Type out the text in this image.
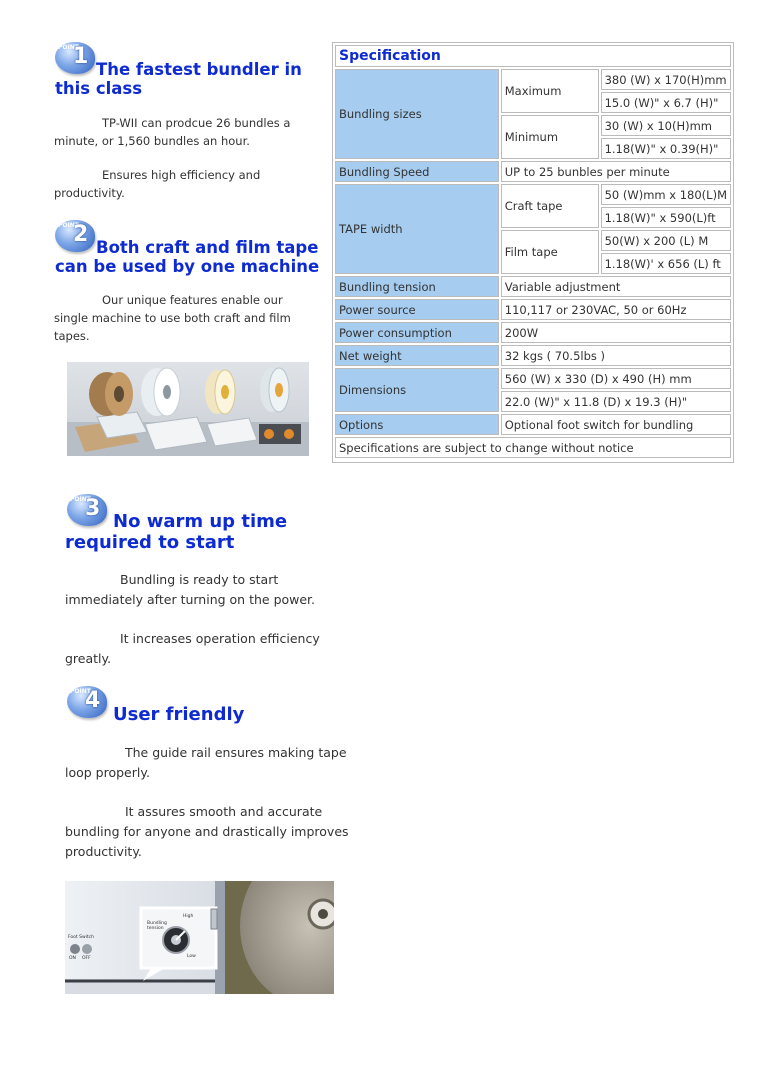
POINT
1
The fastest bundler in
this class
TP-WII can prodcue 26 bundles a
minute, or 1,560 bundles an hour.
Ensures high efficiency and
productivity.
POINT
2
Both craft and film tape
can be used by one machine
Our unique features enable our
single machine to use both craft and film
tapes.
Specification		
Bundling sizes	Maximum	380 (W) x 170(H)mm
		15.0 (W)" x 6.7 (H)"
	Minimum	30 (W) x 10(H)mm
		1.18(W)" x 0.39(H)"
Bundling Speed	UP to 25 bunbles per minute	
TAPE width	Craft tape	50 (W)mm x 180(L)M
		1.18(W)" x 590(L)ft
	Film tape	50(W) x 200 (L) M
		1.18(W)' x 656 (L) ft
Bundling tension	Variable adjustment	
Power source	110,117 or 230VAC, 50 or 60Hz	
Power consumption	200W	
Net weight	32 kgs ( 70.5lbs )	
Dimensions	560 (W) x 330 (D) x 490 (H) mm	
	22.0 (W)" x 11.8 (D) x 19.3 (H)"	
Options	Optional foot switch for bundling	
Specifications are subject to change without notice		
POINT
3
No warm up time
required to start
Bundling is ready to start
immediately after turning on the power.
It increases operation efficiency
greatly.
POINT
4
User friendly
The guide rail ensures making tape
loop properly.
It assures smooth and accurate
bundling for anyone and drastically improves
productivity.
Bundling tension
High
Low
Foot Switch
ON OFF
